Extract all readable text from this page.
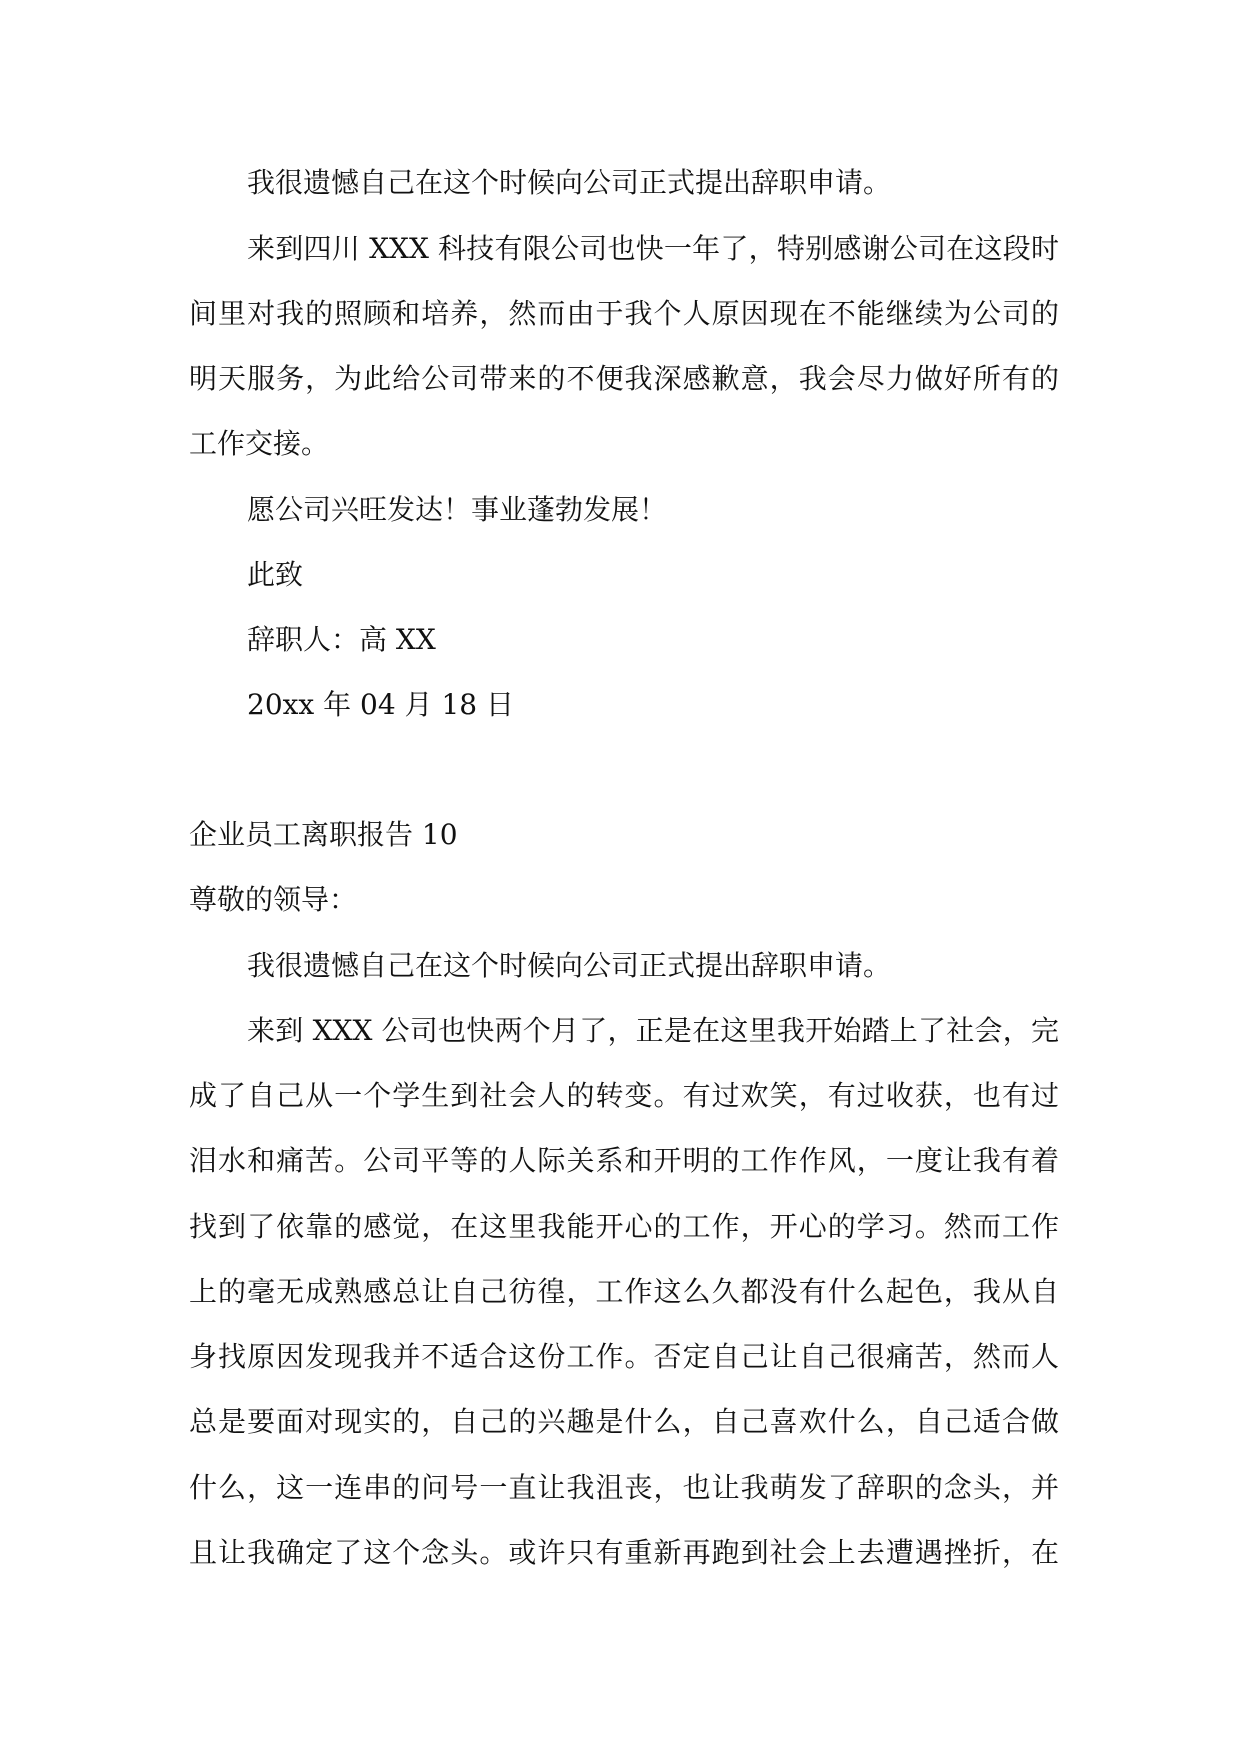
我很遗憾自己在这个时候向公司正式提出辞职申请。
来到四川 XXX 科技有限公司也快一年了，特别感谢公司在这段时
间里对我的照顾和培养，然而由于我个人原因现在不能继续为公司的
明天服务，为此给公司带来的不便我深感歉意，我会尽力做好所有的
工作交接。
愿公司兴旺发达！事业蓬勃发展！
此致
辞职人：高 XX
20xx 年 04 月 18 日
企业员工离职报告 10
尊敬的领导：
我很遗憾自己在这个时候向公司正式提出辞职申请。
来到 XXX 公司也快两个月了，正是在这里我开始踏上了社会，完
成了自己从一个学生到社会人的转变。有过欢笑，有过收获，也有过
泪水和痛苦。公司平等的人际关系和开明的工作作风，一度让我有着
找到了依靠的感觉，在这里我能开心的工作，开心的学习。然而工作
上的毫无成熟感总让自己彷徨，工作这么久都没有什么起色，我从自
身找原因发现我并不适合这份工作。否定自己让自己很痛苦，然而人
总是要面对现实的，自己的兴趣是什么，自己喜欢什么，自己适合做
什么，这一连串的问号一直让我沮丧，也让我萌发了辞职的念头，并
且让我确定了这个念头。或许只有重新再跑到社会上去遭遇挫折，在
